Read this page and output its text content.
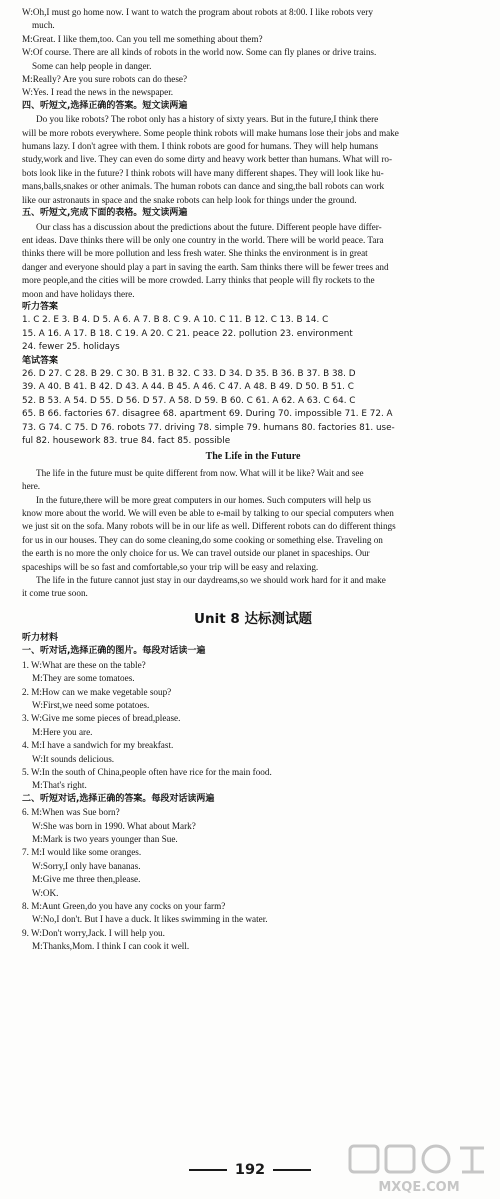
W:Oh,I must go home now. I want to watch the program about robots at 8:00. I like robots very
much.
M:Great. I like them,too. Can you tell me something about them?
W:Of course. There are all kinds of robots in the world now. Some can fly planes or drive trains.
Some can help people in danger.
M:Really? Are you sure robots can do these?
W:Yes. I read the news in the newspaper.
四、听短文,选择正确的答案。短文读两遍
Do you like robots? The robot only has a history of sixty years. But in the future,I think there
will be more robots everywhere. Some people think robots will make humans lose their jobs and make
humans lazy. I don't agree with them. I think robots are good for humans. They will help humans
study,work and live. They can even do some dirty and heavy work better than humans. What will ro-
bots look like in the future? I think robots will have many different shapes. They will look like hu-
mans,balls,snakes or other animals. The human robots can dance and sing,the ball robots can work
like our astronauts in space and the snake robots can help look for things under the ground.
五、听短文,完成下面的表格。短文读两遍
Our class has a discussion about the predictions about the future. Different people have differ-
ent ideas. Dave thinks there will be only one country in the world. There will be world peace. Tara
thinks there will be more pollution and less fresh water. She thinks the environment is in great
danger and everyone should play a part in saving the earth. Sam thinks there will be fewer trees and
more people,and the cities will be more crowded. Larry thinks that people will fly rockets to the
moon and have holidays there.
听力答案
1. C 2. E 3. B 4. D 5. A 6. A 7. B 8. C 9. A 10. C 11. B 12. C 13. B 14. C
15. A 16. A 17. B 18. C 19. A 20. C 21. peace 22. pollution 23. environment
24. fewer 25. holidays
笔试答案
26. D 27. C 28. B 29. C 30. B 31. B 32. C 33. D 34. D 35. B 36. B 37. B 38. D
39. A 40. B 41. B 42. D 43. A 44. B 45. A 46. C 47. A 48. B 49. D 50. B 51. C
52. B 53. A 54. D 55. D 56. D 57. A 58. D 59. B 60. C 61. A 62. A 63. C 64. C
65. B 66. factories 67. disagree 68. apartment 69. During 70. impossible 71. E 72. A
73. G 74. C 75. D 76. robots 77. driving 78. simple 79. humans 80. factories 81. use-
ful 82. housework 83. true 84. fact 85. possible
The Life in the Future
The life in the future must be quite different from now. What will it be like? Wait and see
here.
In the future,there will be more great computers in our homes. Such computers will help us
know more about the world. We will even be able to e-mail by talking to our special computers when
we just sit on the sofa. Many robots will be in our life as well. Different robots can do different things
for us in our houses. They can do some cleaning,do some cooking or something else. Traveling on
the earth is no more the only choice for us. We can travel outside our planet in spaceships. Our
spaceships will be so fast and comfortable,so your trip will be easy and relaxing.
The life in the future cannot just stay in our daydreams,so we should work hard for it and make
it come true soon.
Unit 8 达标测试题
听力材料
一、听对话,选择正确的图片。每段对话读一遍
1. W:What are these on the table?
M:They are some tomatoes.
2. M:How can we make vegetable soup?
W:First,we need some potatoes.
3. W:Give me some pieces of bread,please.
M:Here you are.
4. M:I have a sandwich for my breakfast.
W:It sounds delicious.
5. W:In the south of China,people often have rice for the main food.
M:That's right.
二、听短对话,选择正确的答案。每段对话读两遍
6. M:When was Sue born?
W:She was born in 1990. What about Mark?
M:Mark is two years younger than Sue.
7. M:I would like some oranges.
W:Sorry,I only have bananas.
M:Give me three then,please.
W:OK.
8. M:Aunt Green,do you have any cocks on your farm?
W:No,I don't. But I have a duck. It likes swimming in the water.
9. W:Don't worry,Jack. I will help you.
M:Thanks,Mom. I think I can cook it well.
192
MXQE.COM
